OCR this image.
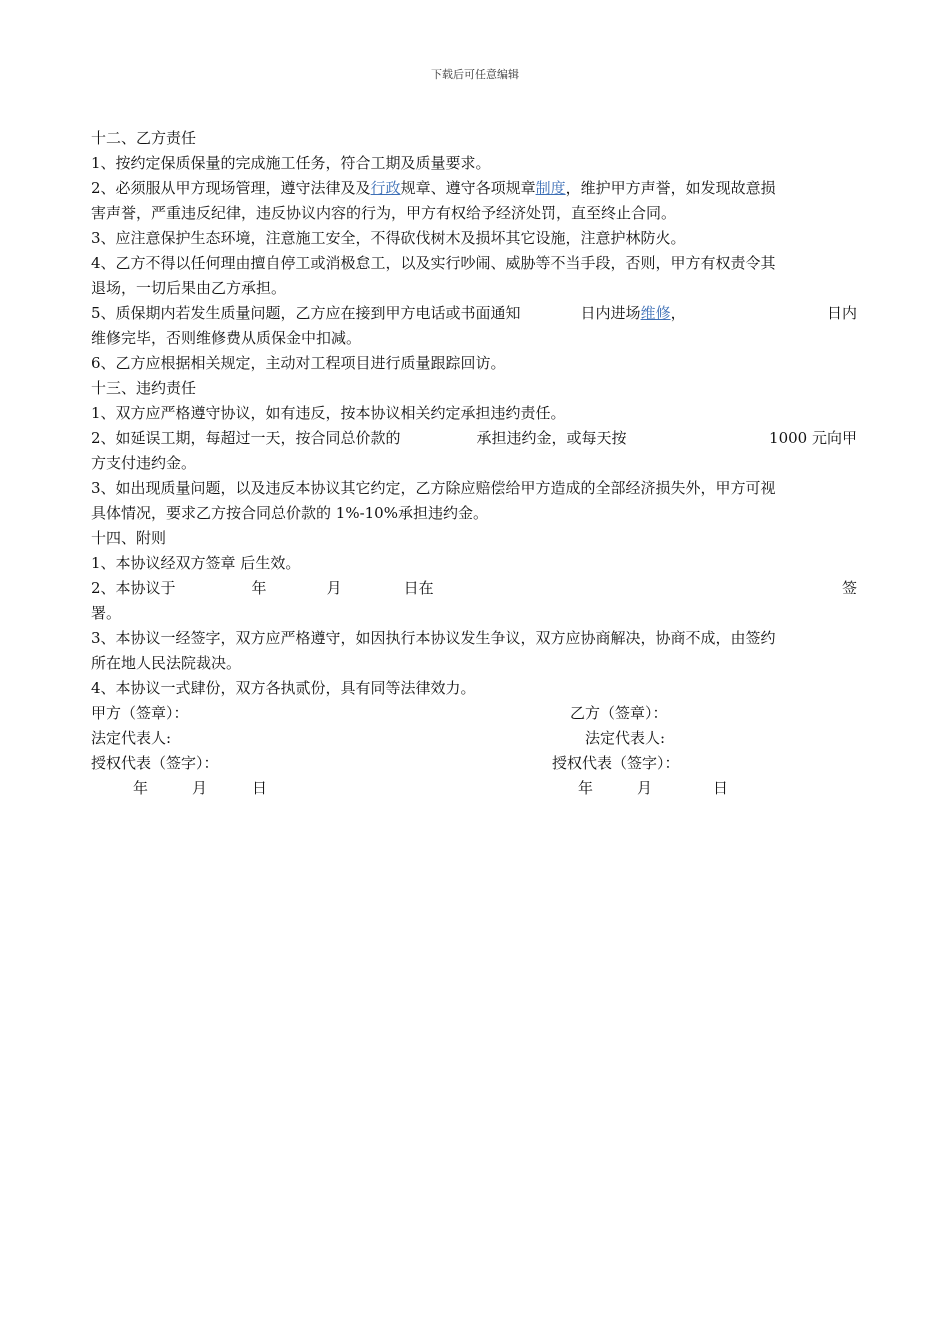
下载后可任意编辑
十二、乙方责任
1、按约定保质保量的完成施工任务，符合工期及质量要求。
2、必须服从甲方现场管理，遵守法律及及行政规章、遵守各项规章制度，维护甲方声誉，如发现故意损
害声誉，严重违反纪律，违反协议内容的行为，甲方有权给予经济处罚，直至终止合同。
3、应注意保护生态环境，注意施工安全，不得砍伐树木及损坏其它设施，注意护林防火。
4、乙方不得以任何理由擅自停工或消极怠工，以及实行吵闹、威胁等不当手段，否则，甲方有权责令其
退场，一切后果由乙方承担。
5、质保期内若发生质量问题，乙方应在接到甲方电话或书面通知	日内进场维修，	日内
维修完毕，否则维修费从质保金中扣减。
6、乙方应根据相关规定，主动对工程项目进行质量跟踪回访。
十三、违约责任
1、双方应严格遵守协议，如有违反，按本协议相关约定承担违约责任。
2、如延误工期，每超过一天，按合同总价款的	承担违约金，或每天按	1000 元向甲
方支付违约金。
3、如出现质量问题，以及违反本协议其它约定，乙方除应赔偿给甲方造成的全部经济损失外，甲方可视
具体情况，要求乙方按合同总价款的 1%-10%承担违约金。
十四、附则
1、本协议经双方签章 后生效。
2、本协议于	年	月	日在	签
署。
3、本协议一经签字，双方应严格遵守，如因执行本协议发生争议，双方应协商解决，协商不成，由签约
所在地人民法院裁决。
4、本协议一式肆份，双方各执贰份，具有同等法律效力。
甲方（签章）：	乙方（签章）：
法定代表人:	法定代表人:
授权代表（签字）：	授权代表（签字）：
年	月	日	年	月	日
